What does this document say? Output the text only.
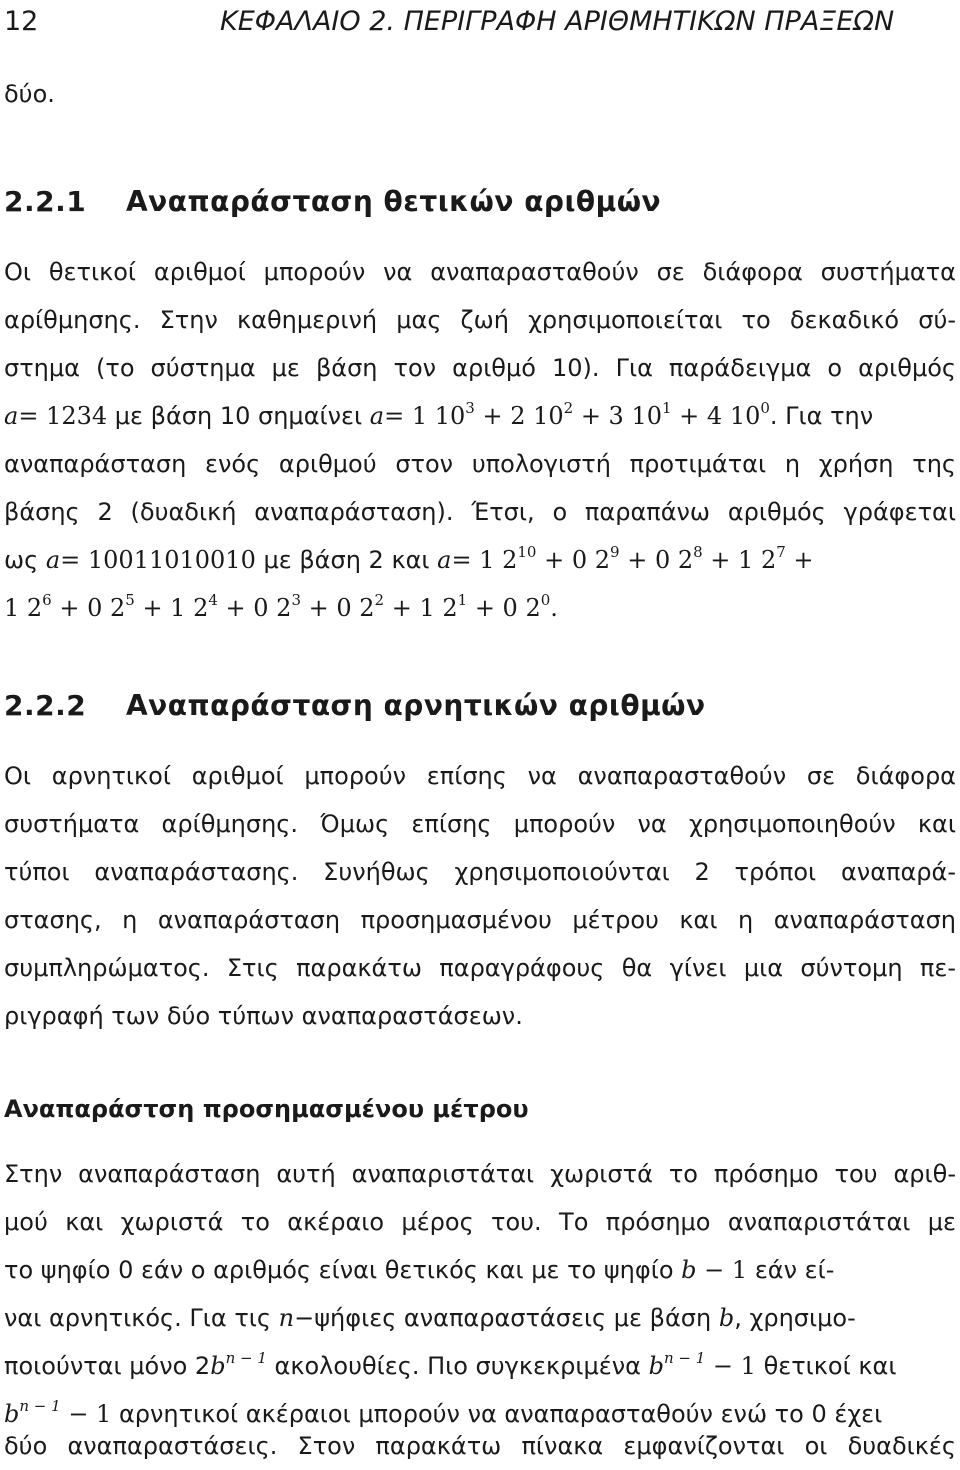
12	ΚΕΦΑΛΑΙΟ 2. ΠΕΡΙΓΡΑΦΗ ΑΡΙΘΜΗΤΙΚΩΝ ΠΡΑΞΕΩΝ
δύο.
2.2.1 Αναπαράσταση θετικών αριθμών
Οι θετικοί αριθμοί μπορούν να αναπαρασταθούν σε διάφορα συστήματα
αρίθμησης. Στην καθημερινή μας ζωή χρησιμοποιείται το δεκαδικό σύ-
στημα (το σύστημα με βάση τον αριθμό 10). Για παράδειγμα ο αριθμός
a= 1234 με βάση 10 σημαίνει a= 1 $10^3 + 2$ $10^2 + 3$ $10^1 + 4$ $10^0$. Για την
αναπαράσταση ενός αριθμού στον υπολογιστή προτιμάται η χρήση της
βάσης 2 (δυαδική αναπαράσταση). Έτσι, ο παραπάνω αριθμός γράφεται
ως a= 10011010010 με βάση 2 και a= 1 $2^{10} + 0$ $2^9 + 0$ $2^8 + 1$ $2^7$ +
1 $2^6 + 0$ $2^5 + 1$ $2^4 + 0$ $2^3 + 0$ $2^2 + 1$ $2^1 + 0$ $2^0$.
2.2.2 Αναπαράσταση αρνητικών αριθμών
Οι αρνητικοί αριθμοί μπορούν επίσης να αναπαρασταθούν σε διάφορα
συστήματα αρίθμησης. Όμως επίσης μπορούν να χρησιμοποιηθούν και
τύποι αναπαράστασης. Συνήθως χρησιμοποιούνται 2 τρόποι αναπαρά-
στασης, η αναπαράσταση προσημασμένου μέτρου και η αναπαράσταση
συμπληρώματος. Στις παρακάτω παραγράφους θα γίνει μια σύντομη πε-
ριγραφή των δύο τύπων αναπαραστάσεων.
Αναπαράστση προσημασμένου μέτρου
Στην αναπαράσταση αυτή αναπαριστάται χωριστά το πρόσημο του αριθ-
μού και χωριστά το ακέραιο μέρος του. Το πρόσημο αναπαριστάται με
το ψηφίο 0 εάν ο αριθμός είναι θετικός και με το ψηφίο b − 1 εάν εί-
ναι αρνητικός. Για τις n−ψήφιες αναπαραστάσεις με βάση b, χρησιμο-
ποιούνται μόνο $2b^{n - 1}$ ακολουθίες. Πιο συγκεκριμένα $b^{n - 1} - 1$ θετικοί και
$b^{n - 1} - 1$ αρνητικοί ακέραιοι μπορούν να αναπαρασταθούν ενώ το 0 έχει
δύο αναπαραστάσεις. Στον παρακάτω πίνακα εμφανίζονται οι δυαδικές
